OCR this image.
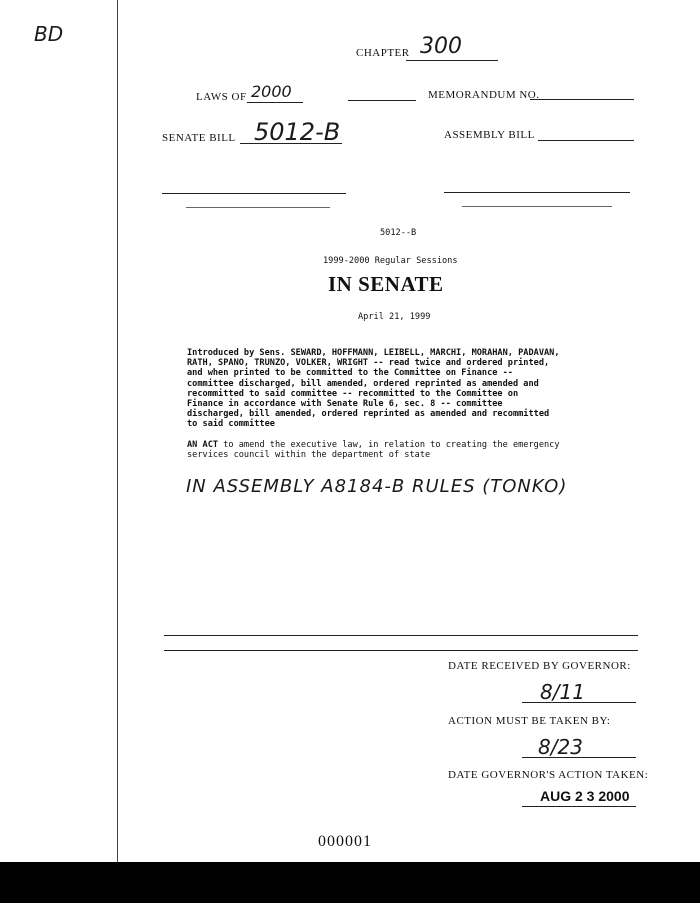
BD
CHAPTER 300
LAWS OF 2000	MEMORANDUM NO.
SENATE BILL 5012-B	ASSEMBLY BILL
5012--B
1999-2000 Regular Sessions
IN SENATE
April 21, 1999
Introduced by Sens. SEWARD, HOFFMANN, LEIBELL, MARCHI, MORAHAN, PADAVAN,
RATH, SPANO, TRUNZO, VOLKER, WRIGHT -- read twice and ordered printed,
and when printed to be committed to the Committee on Finance --
committee discharged, bill amended, ordered reprinted as amended and
recommitted to said committee -- recommitted to the Committee on
Finance in accordance with Senate Rule 6, sec. 8 -- committee
discharged, bill amended, ordered reprinted as amended and recommitted
to said committee
AN ACT to amend the executive law, in relation to creating the emergency
services council within the department of state
IN ASSEMBLY A8184-B RULES (TONKO)
DATE RECEIVED BY GOVERNOR:
8/11
ACTION MUST BE TAKEN BY:
8/23
DATE GOVERNOR'S ACTION TAKEN:
AUG 2 3 2000
000001
